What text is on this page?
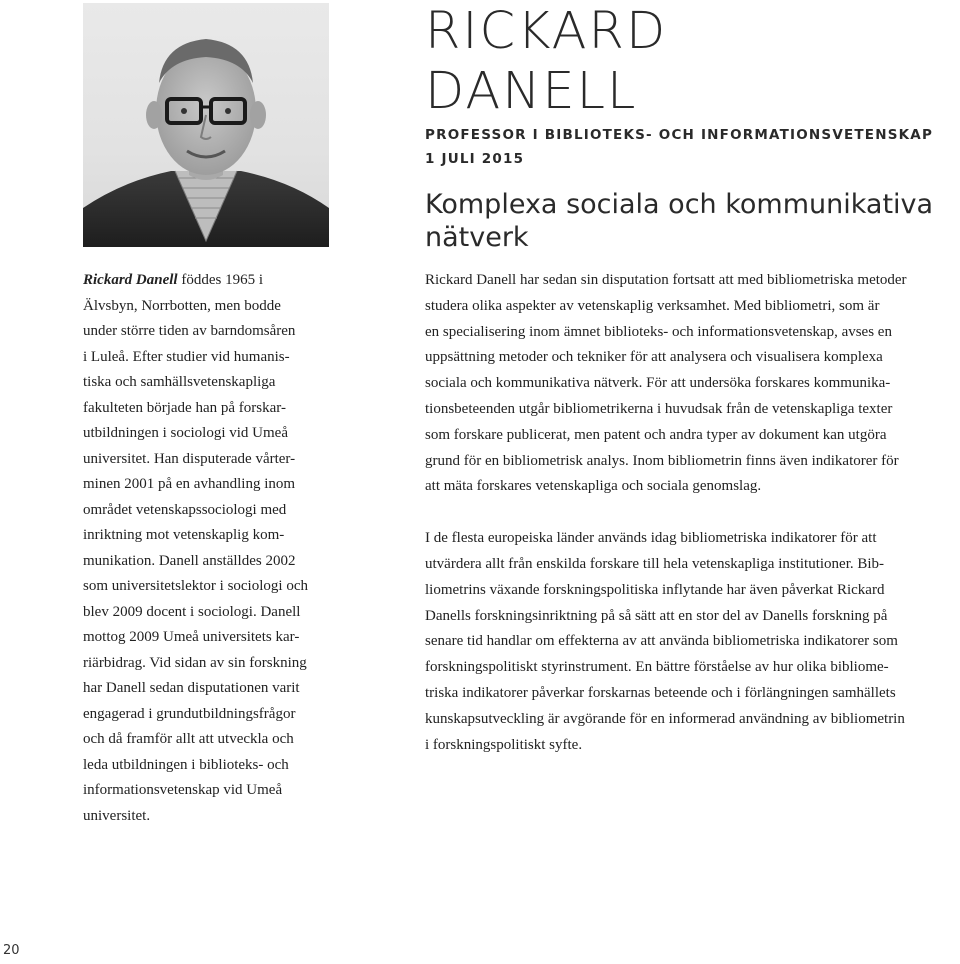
RICKARD
DANELL
PROFESSOR I BIBLIOTEKS- OCH INFORMATIONSVETENSKAP
1 JULI 2015
Komplexa sociala och kommunikativa
nätverk

Rickard Danell föddes 1965 i
Älvsbyn, Norrbotten, men bodde
under större tiden av barndomsåren
i Luleå. Efter studier vid humanis-
tiska och samhällsvetenskapliga
fakulteten började han på forskar-
utbildningen i sociologi vid Umeå
universitet. Han disputerade vårter-
minen 2001 på en avhandling inom
området vetenskapssociologi med
inriktning mot vetenskaplig kom-
munikation. Danell anställdes 2002
som universitetslektor i sociologi och
blev 2009 docent i sociologi. Danell
mottog 2009 Umeå universitets kar-
riärbidrag. Vid sidan av sin forskning
har Danell sedan disputationen varit
engagerad i grundutbildningsfrågor
och då framför allt att utveckla och
leda utbildningen i biblioteks- och
informationsvetenskap vid Umeå
universitet.

Rickard Danell har sedan sin disputation fortsatt att med bibliometriska metoder
studera olika aspekter av vetenskaplig verksamhet. Med bibliometri, som är
en specialisering inom ämnet biblioteks- och informationsvetenskap, avses en
uppsättning metoder och tekniker för att analysera och visualisera komplexa
sociala och kommunikativa nätverk. För att undersöka forskares kommunika-
tionsbeteenden utgår bibliometrikerna i huvudsak från de vetenskapliga texter
som forskare publicerat, men patent och andra typer av dokument kan utgöra
grund för en bibliometrisk analys. Inom bibliometrin finns även indikatorer för
att mäta forskares vetenskapliga och sociala genomslag.

I de flesta europeiska länder används idag bibliometriska indikatorer för att
utvärdera allt från enskilda forskare till hela vetenskapliga institutioner. Bib-
liometrins växande forskningspolitiska inflytande har även påverkat Rickard
Danells forskningsinriktning på så sätt att en stor del av Danells forskning på
senare tid handlar om effekterna av att använda bibliometriska indikatorer som
forskningspolitiskt styrinstrument. En bättre förståelse av hur olika bibliome-
triska indikatorer påverkar forskarnas beteende och i förlängningen samhällets
kunskapsutveckling är avgörande för en informerad användning av bibliometrin
i forskningspolitiskt syfte.

20
